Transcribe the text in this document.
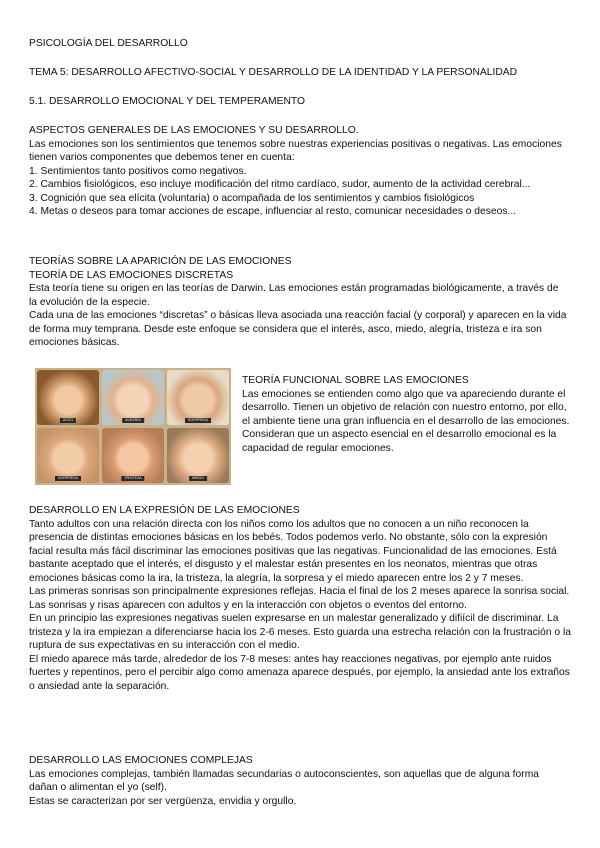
PSICOLOGÍA DEL DESARROLLO

TEMA 5: DESARROLLO AFECTIVO-SOCIAL Y DESARROLLO DE LA IDENTIDAD Y LA PERSONALIDAD

5.1. DESARROLLO EMOCIONAL Y DEL TEMPERAMENTO

ASPECTOS GENERALES DE LAS EMOCIONES Y SU DESARROLLO.

Las emociones son los sentimientos que tenemos sobre nuestras experiencias positivas o negativas. Las emociones tienen varios componentes que debemos tener en cuenta:

1. Sentimientos tanto positivos como negativos.

2. Cambios fisiológicos, eso incluye modificación del ritmo cardíaco, sudor, aumento de la actividad cerebral...

3. Cognición que sea elícita (voluntaria) o acompañada de los sentimientos y cambios fisiológicos

4. Metas o deseos para tomar acciones de escape, influenciar al resto, comunicar necesidades o deseos...

TEORÍAS SOBRE LA APARICIÓN DE LAS EMOCIONES

TEORÍA DE LAS EMOCIONES DISCRETAS

Esta teoría tiene su origen en las teorías de Darwin. Las emociones están programadas biológicamente, a través de la evolución de la especie.

Cada una de las emociones “discretas” o básicas lleva asociada una reacción facial (y corporal) y aparecen en la vida de forma muy temprana. Desde este enfoque se considera que el interés, asco, miedo, alegría, tristeza e ira son emociones básicas.

ASCO	ALEGRÍA	SORPRESA
SORPRESA	TRISTEZA	MIEDO

TEORÍA FUNCIONAL SOBRE LAS EMOCIONES

Las emociones se entienden como algo que va apareciendo durante el desarrollo. Tienen un objetivo de relación con nuestro entorno, por ello, el ambiente tiene una gran influencia en el desarrollo de las emociones. Consideran que un aspecto esencial en el desarrollo emocional es la capacidad de regular emociones.

DESARROLLO EN LA EXPRESIÓN DE LAS EMOCIONES

Tanto adultos con una relación directa con los niños como los adultos que no conocen a un niño reconocen la presencia de distintas emociones básicas en los bebés. Todos podemos verlo. No obstante, sólo con la expresión facial resulta más fácil discriminar las emociones positivas que las negativas. Funcionalidad de las emociones. Está bastante aceptado que el interés, el disgusto y el malestar están presentes en los neonatos, mientras que otras emociones básicas como la ira, la tristeza, la alegría, la sorpresa y el miedo aparecen entre los 2 y 7 meses.

Las primeras sonrisas son principalmente expresiones reflejas. Hacia el final de los 2 meses aparece la sonrisa social. Las sonrisas y risas aparecen con adultos y en la interacción con objetos o eventos del entorno.

En un principio las expresiones negativas suelen expresarse en un malestar generalizado y difiícil de discriminar. La tristeza y la ira empiezan a diferenciarse hacia los 2-6 meses. Esto guarda una estrecha relación con la frustración o la ruptura de sus expectativas en su interacción con el medio.

El miedo aparece más tarde, alrededor de los 7-8 meses: antes hay reacciones negativas, por ejemplo ante ruidos fuertes y repentinos, pero el percibir algo como amenaza aparece después, por ejemplo, la ansiedad ante los extraños o ansiedad ante la separación.

DESARROLLO LAS EMOCIONES COMPLEJAS

Las emociones complejas, también llamadas secundarias o autoconscientes, son aquellas que de alguna forma dañan o alimentan el yo (self).

Estas se caracterizan por ser vergüenza, envidia y orgullo.
